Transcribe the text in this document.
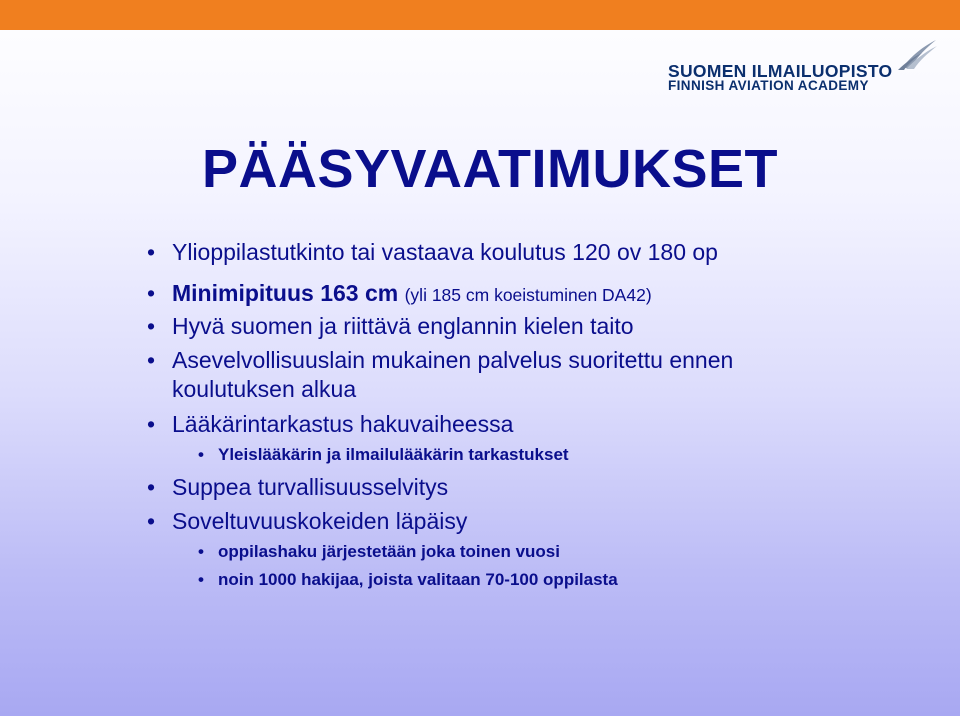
SUOMEN ILMAILUOPISTO
FINNISH AVIATION ACADEMY
PÄÄSYVAATIMUKSET
• Ylioppilastutkinto tai vastaava koulutus 120 ov 180 op
• Minimipituus 163 cm (yli 185 cm koeistuminen DA42)
• Hyvä suomen ja riittävä englannin kielen taito
• Asevelvollisuuslain mukainen palvelus suoritettu ennen
koulutuksen alkua
• Lääkärintarkastus hakuvaiheessa
• Yleislääkärin ja ilmailulääkärin tarkastukset
• Suppea turvallisuusselvitys
• Soveltuvuuskokeiden läpäisy
• oppilashaku järjestetään joka toinen vuosi
• noin 1000 hakijaa, joista valitaan 70-100 oppilasta
